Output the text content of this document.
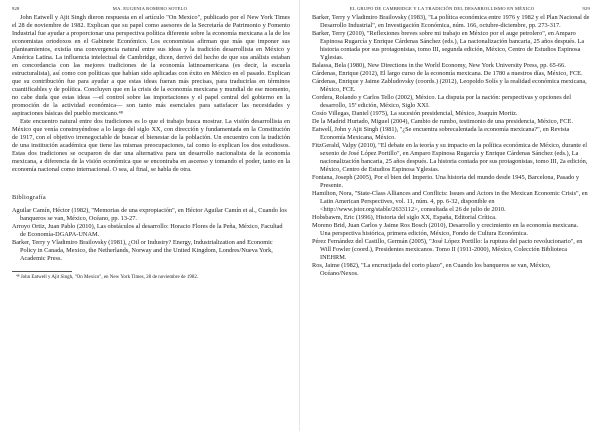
928	MA. EUGENIA ROMERO SOTELO

John Eatwell y Ajit Singh dieron respuesta en el artículo "On Mexico", publicado por el New York Times el 28 de noviembre de 1982. Explican que su papel como asesores de la Secretaría de Patrimonio y Fomento Industrial fue ayudar a proporcionar una perspectiva política diferente sobre la economía mexicana a la de los economistas ortodoxos en el Gabinete Económico. Los economistas afirman que más que imponer sus planteamientos, existía una convergencia natural entre sus ideas y la tradición desarrollista en México y América Latina. La influencia intelectual de Cambridge, dicen, derivó del hecho de que sus análisis estaban en concordancia con las mejores tradiciones de la economía latinoamericana (es decir, la escuela estructuralista), así como con políticas que habían sido aplicadas con éxito en México en el pasado. Explican que su contribución fue para ayudar a que estas ideas fueran más precisas, para traducirlas en términos cuantificables y de política. Concluyen que en la crisis de la economía mexicana y mundial de ese momento, no cabe duda que estas ideas —el control sobre las importaciones y el papel central del gobierno en la promoción de la actividad económica— son tanto más esenciales para satisfacer las necesidades y aspiraciones básicas del pueblo mexicano.⁴⁸

Este encuentro natural entre dos tradiciones es lo que el trabajo busca mostrar. La visión desarrollista en México que venía construyéndose a lo largo del siglo XX, con dirección y fundamentada en la Constitución de 1917, con el objetivo irrenegociable de buscar el bienestar de la población. Un encuentro con la tradición de una institución académica que tiene las mismas preocupaciones, tal como lo explican los dos estudiosos. Estas dos tradiciones se ocuparon de dar una alternativa para un desarrollo nacionalista de la economía mexicana, a diferencia de la visión económica que se encontraba en ascenso y tomando el poder, tanto en la economía nacional como internacional. O sea, al final, se habla de otra.

Bibliografía

Aguilar Camín, Héctor (1982), "Memorias de una expropiación", en Héctor Aguilar Camín et al., Cuando los banqueros se van, México, Océano, pp. 13-27.

Arroyo Ortiz, Juan Pablo (2010), Las obstáculos al desarrollo: Horacio Flores de la Peña, México, Facultad de Economía-DGAPA-UNAM.

Barker, Terry y Vladimiro Brailovsky (1981), ¿Oil or Industry? Energy, Industrialization and Economic Policy in Canada, Mexico, the Netherlands, Norway and the United Kingdom, Londres/Nueva York, Academic Press.

⁴⁸ John Eatwell y Ajit Singh, "On Mexico", en New York Times, 28 de noviembre de 1982.

EL GRUPO DE CAMBRIDGE Y LA TRADICIÓN DEL DESARROLLISMO EN MÉXICO	929

Barker, Terry y Vladimiro Brailovsky (1983), "La política económica entre 1976 y 1982 y el Plan Nacional de Desarrollo Industrial", en Investigación Económica, núm. 166, octubre-diciembre, pp. 273-317.

Barker, Terry (2010), "Reflexiones breves sobre mi trabajo en México por el auge petrolero", en Amparo Espinosa Rugarcía y Enrique Cárdenas Sánchez (eds.), La nacionalización bancaria, 25 años después. La historia contada por sus protagonistas, tomo III, segunda edición, México, Centro de Estudios Espinosa Yglesias.

Balassa, Bela (1980), New Directions in the World Economy, New York University Press, pp. 65-66.

Cárdenas, Enrique (2012), El largo curso de la economía mexicana. De 1780 a nuestros días, México, FCE.

Cárdenas, Enrique y Jaime Zabludovsky (coords.) (2012), Leopoldo Solís y la realidad económica mexicana, México, FCE.

Cordera, Rolando y Carlos Tello (2002), México. La disputa por la nación: perspectivas y opciones del desarrollo, 15ª edición, México, Siglo XXI.

Cosío Villegas, Daniel (1975), La sucesión presidencial, México, Joaquín Mortiz.

De la Madrid Hurtado, Miguel (2004), Cambio de rumbo, testimonio de una presidencia, México, FCE.

Eatwell, John y Ajit Singh (1981), "¿Se encuentra sobrecalentada la economía mexicana?", en Revista Economía Mexicana, México.

FitzGerald, Valpy (2010), "El debate en la teoría y su impacto en la política económica de México, durante el sexenio de José López Portillo", en Amparo Espinosa Rugarcía y Enrique Cárdenas Sánchez (eds.), La nacionalización bancaria, 25 años después. La historia contada por sus protagonistas, tomo III, 2a edición, México, Centro de Estudios Espinosa Yglesias.

Fontana, Joseph (2005), Por el bien del Imperio. Una historia del mundo desde 1945, Barcelona, Pasado y Presente.

Hamilton, Nora, "State-Class Alliances and Conflicts: Issues and Actors in the Mexican Economic Crisis", en Latin American Perspectives, vol. 11, núm. 4, pp. 6-32, disponible en <http://www.jstor.org/stable/2633112>, consultada el 26 de julio de 2010.

Hobsbawm, Eric (1996), Historia del siglo XX, España, Editorial Crítica.

Moreno Brid, Juan Carlos y Jaime Ros Bosch (2010), Desarrollo y crecimiento en la economía mexicana. Una perspectiva histórica, primera edición, México, Fondo de Cultura Económica.

Pérez Fernández del Castillo, Germán (2005), "José López Portillo: la ruptura del pacto revolucionario", en Will Fowler (coord.), Presidentes mexicanos. Tomo II (1911-2000), México, Colección Biblioteca INEHRM.

Ros, Jaime (1982), "La encrucijada del corto plazo", en Cuando los banqueros se van, México, Océano/Nexos.
